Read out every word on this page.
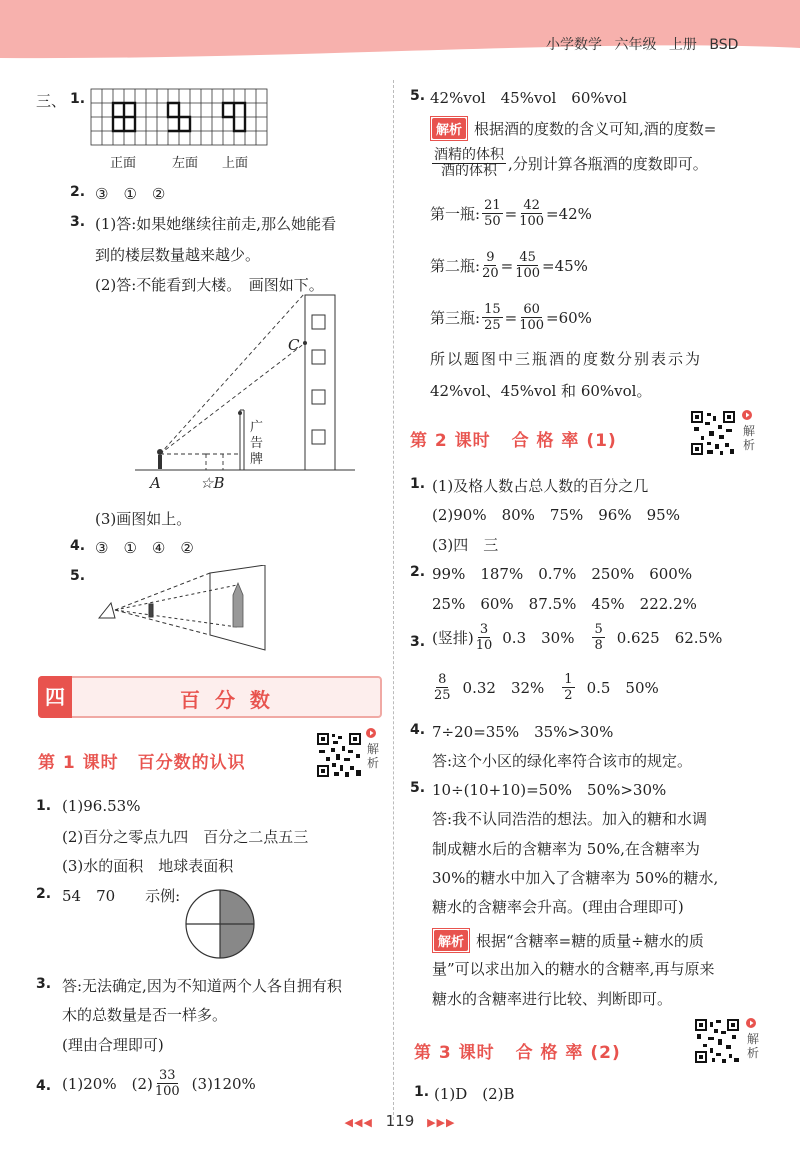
小学数学 六年级 上册 BSD
三、 1.
正面	左面 上面
2. ③　①　②
3. (1)答:如果她继续往前走,那么她能看
到的楼层数量越来越少。
(2)答:不能看到大楼。　画图如下。
C
A	☆B
广告牌
(3)画图如上。
4. ③　①　④　②
5.
四	百 分 数
第 1 课时 百分数的认识
解析
1. (1)96.53%
(2)百分之零点九四　百分之二点五三
(3)水的面积　地球表面积
2. 54　70　　示例:
3. 答:无法确定,因为不知道两个人各自拥有积
木的总数量是否一样多。
(理由合理即可)
4. (1)20%　$(2) \frac{33}{100} (3)120\%$
5. 42%vol　45%vol　60%vol
解析 根据酒的度数的含义可知,酒的度数=
$\frac{\text{酒精的体积}}{\text{酒的体积}}$ ,分别计算各瓶酒的度数即可。
第一瓶: $\frac{21}{50} = \frac{42}{100} =42\%$
第二瓶: $\frac{9}{20} = \frac{45}{100} =45\%$
第三瓶: $\frac{15}{25} = \frac{60}{100} =60\%$
所以题图中三瓶酒的度数分别表示为
42%vol、45%vol 和 60%vol。
第 2 课时 合 格 率 (1)	解析
1. (1)及格人数占总人数的百分之几
(2)90%　80%　75%　96%　95%
(3)四　三
2. 99%　187%　0.7%　250%　600%
25%　60%　87.5%　45%　222.2%
3. (竖排) $\frac{3}{10} 0.3$　$30\% \frac{5}{8} 0.625$　62.5%
$\frac{8}{25} 0.32$　$32\% \frac{1}{2} 0.5$　50%
4. 7÷20=35%　35%>30%
答:这个小区的绿化率符合该市的规定。
5. 10÷(10+10)=50%　50%>30%
答:我不认同浩浩的想法。加入的糖和水调
制成糖水后的含糖率为 50%,在含糖率为
30%的糖水中加入了含糖率为 50%的糖水,
糖水的含糖率会升高。(理由合理即可)
解析 根据“含糖率=糖的质量÷糖水的质
量”可以求出加入的糖水的含糖率,再与原来
糖水的含糖率进行比较、判断即可。
第 3 课时 合 格 率 (2)
解析
1. (1)D　(2)B
◀◀◀ 119 ▶▶▶
